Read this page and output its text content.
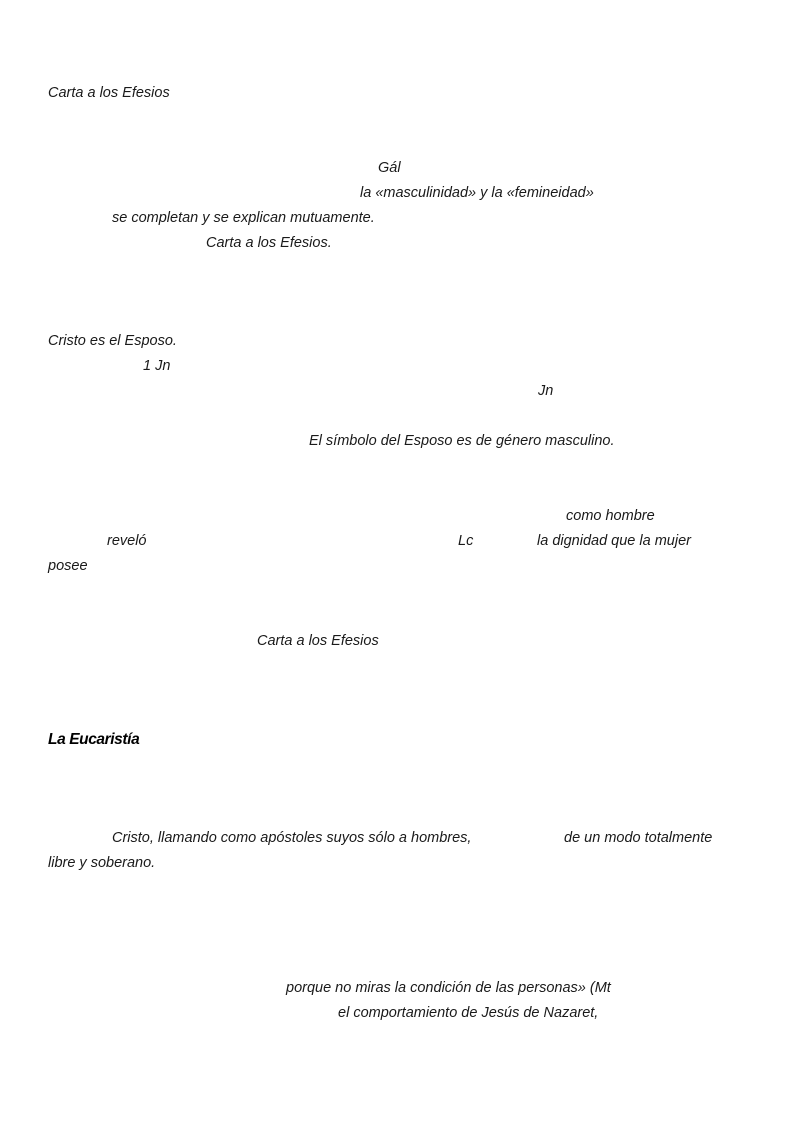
Carta a los Efesios
Gál
la «masculinidad» y la «femineidad»
se completan y se explican mutuamente.
Carta a los Efesios.
Cristo es el Esposo.
1 Jn
Jn
El símbolo del Esposo es de género masculino.
como hombre
reveló	Lc	la dignidad que la mujer
posee
Carta a los Efesios
La Eucaristía
Cristo, llamando como apóstoles suyos sólo a hombres,	de un modo totalmente
libre y soberano.
porque no miras la condición de las personas» (Mt
el comportamiento de Jesús de Nazaret,
